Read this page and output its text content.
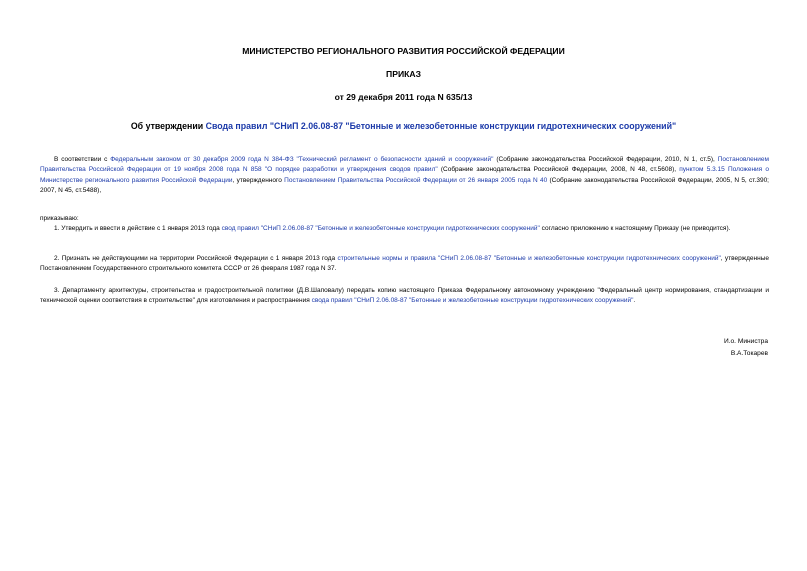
МИНИСТЕРСТВО РЕГИОНАЛЬНОГО РАЗВИТИЯ РОССИЙСКОЙ ФЕДЕРАЦИИ
ПРИКАЗ
от 29 декабря 2011 года N 635/13
Об утверждении Свода правил "СНиП 2.06.08-87 "Бетонные и железобетонные конструкции гидротехнических сооружений"
В соответствии с Федеральным законом от 30 декабря 2009 года N 384-ФЗ "Технический регламент о безопасности зданий и сооружений" (Собрание законодательства Российской Федерации, 2010, N 1, ст.5), Постановлением Правительства Российской Федерации от 19 ноября 2008 года N 858 "О порядке разработки и утверждения сводов правил" (Собрание законодательства Российской Федерации, 2008, N 48, ст.5608), пунктом 5.3.15 Положения о Министерстве регионального развития Российской Федерации, утвержденного Постановлением Правительства Российской Федерации от 26 января 2005 года N 40 (Собрание законодательства Российской Федерации, 2005, N 5, ст.390; 2007, N 45, ст.5488),
приказываю:
1. Утвердить и ввести в действие с 1 января 2013 года свод правил "СНиП 2.06.08-87 "Бетонные и железобетонные конструкции гидротехнических сооружений" согласно приложению к настоящему Приказу (не приводится).
2. Признать не действующими на территории Российской Федерации с 1 января 2013 года строительные нормы и правила "СНиП 2.06.08-87 "Бетонные и железобетонные конструкции гидротехнических сооружений", утвержденные Постановлением Государственного строительного комитета СССР от 26 февраля 1987 года N 37.
3. Департаменту архитектуры, строительства и градостроительной политики (Д.В.Шаповалу) передать копию настоящего Приказа Федеральному автономному учреждению "Федеральный центр нормирования, стандартизации и технической оценки соответствия в строительстве" для изготовления и распространения свода правил "СНиП 2.06.08-87 "Бетонные и железобетонные конструкции гидротехнических сооружений".
И.о. Министра
В.А.Токарев
